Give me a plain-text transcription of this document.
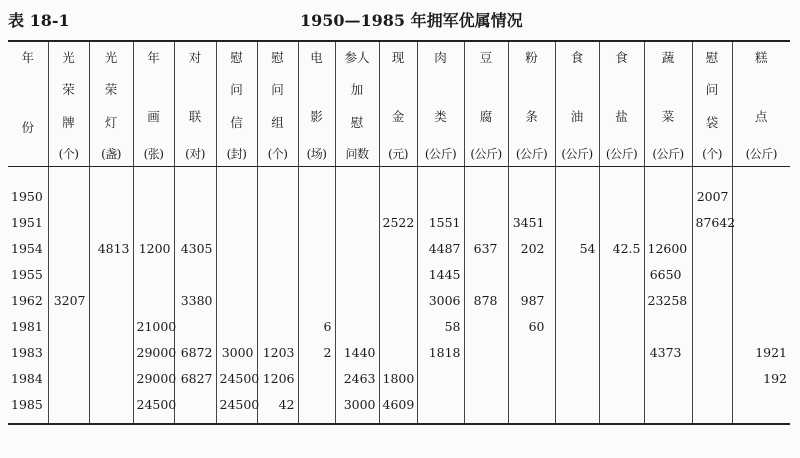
表 18-1	1950—1985 年拥军优属情况
年
份	光
荣
牌
(个)	光
荣
灯
(盏)	年
画
(张)	对
联
(对)	慰
问
信
(封)	慰
问
组
(个)	电
影
(场)	参人
加
慰
问数	现
金
(元)	肉
类
(公斤)	豆
腐
(公斤)	粉
条
(公斤)	食
油
(公斤)	食
盐
(公斤)	蔬
菜
(公斤)	慰
问
袋
(个)	糕
点
(公斤)

1950																2007	
1951									2522	1551		3451				87642	
1954		4813	1200	4305						4487	637	202	54	42.5	12600		
1955										1445					6650		
1962	3207			3380						3006	878	987			23258		
1981			21000				6			58		60					
1983			29000	6872	3000	1203	2	1440		1818					4373		1921
1984			29000	6827	24500	1206		2463	1800								192
1985			24500		24500	42		3000	4609								
